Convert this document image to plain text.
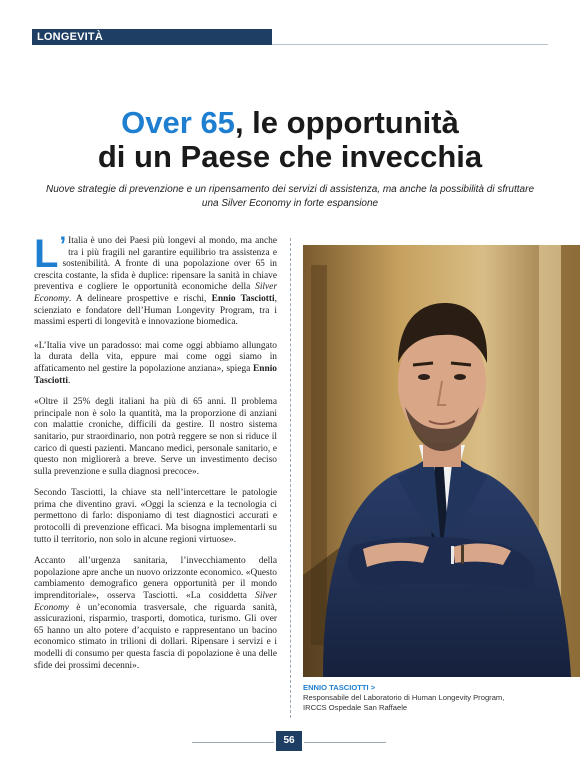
LONGEVITÀ
Over 65, le opportunità
di un Paese che invecchia
Nuove strategie di prevenzione e un ripensamento dei servizi di assistenza, ma anche la possibilità di sfruttare una Silver Economy in forte espansione

L ’ Italia è uno dei Paesi più longevi al mondo, ma anche tra i più fragili nel garantire equilibrio tra assistenza e sostenibilità. A fronte di una popolazione over 65 in crescita costante, la sfida è duplice: ripensare la sanità in chiave preventiva e cogliere le opportunità economiche della Silver Economy. A delineare prospettive e rischi, Ennio Tasciotti, scienziato e fondatore dell’Human Longevity Program, tra i massimi esperti di longevità e innovazione biomedica.

«L’Italia vive un paradosso: mai come oggi abbiamo allungato la durata della vita, eppure mai come oggi siamo in affaticamento nel gestire la popolazione anziana», spiega Ennio Tasciotti.

«Oltre il 25% degli italiani ha più di 65 anni. Il problema principale non è solo la quantità, ma la proporzione di anziani con malattie croniche, difficili da gestire. Il nostro sistema sanitario, pur straordinario, non potrà reggere se non si riduce il carico di questi pazienti. Mancano medici, personale sanitario, e questo non migliorerà a breve. Serve un investimento deciso sulla prevenzione e sulla diagnosi precoce».

Secondo Tasciotti, la chiave sta nell’intercettare le patologie prima che diventino gravi. «Oggi la scienza e la tecnologia ci permettono di farlo: disponiamo di test diagnostici accurati e protocolli di prevenzione efficaci. Ma bisogna implementarli su tutto il territorio, non solo in alcune regioni virtuose».

Accanto all’urgenza sanitaria, l’invecchiamento della popolazione apre anche un nuovo orizzonte economico. «Questo cambiamento demografico genera opportunità per il mondo imprenditoriale», osserva Tasciotti. «La cosiddetta Silver Economy è un’economia trasversale, che riguarda sanità, assicurazioni, risparmio, trasporti, domotica, turismo. Gli over 65 hanno un alto potere d’acquisto e rappresentano un bacino economico stimato in trilioni di dollari. Ripensare i servizi e i modelli di consumo per questa fascia di popolazione è una delle sfide dei prossimi decenni».

ENNIO TASCIOTTI >
Responsabile del Laboratorio di Human Longevity Program,
IRCCS Ospedale San Raffaele
56
